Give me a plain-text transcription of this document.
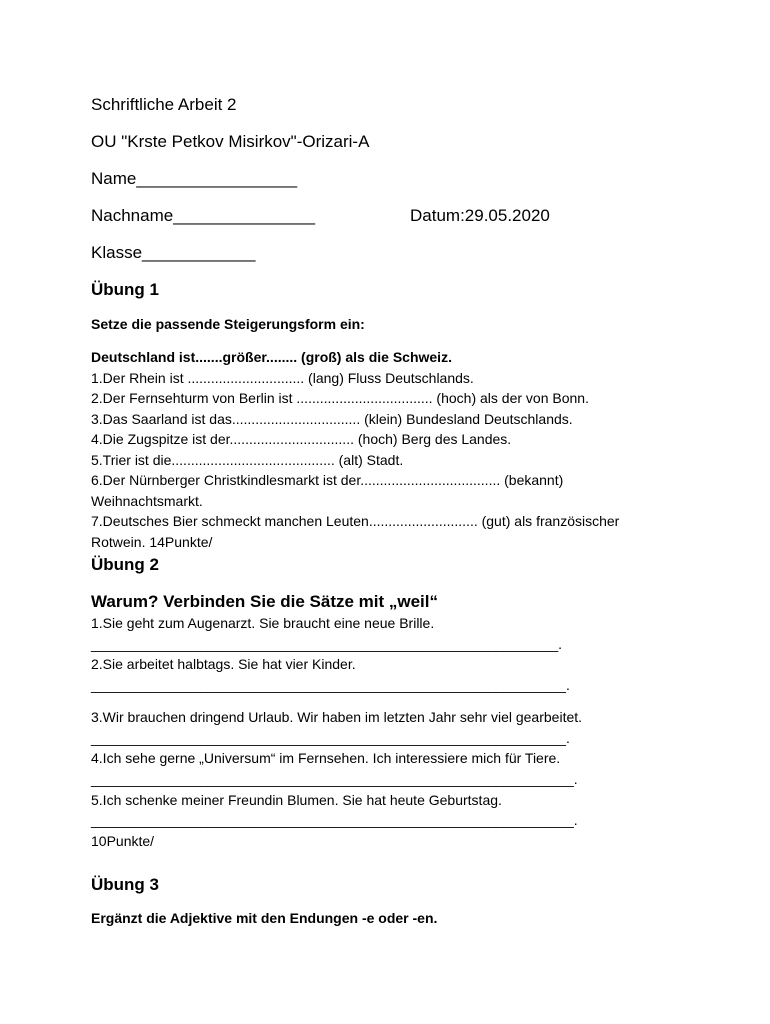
Schriftliche Arbeit 2
OU "Krste Petkov Misirkov"-Orizari-A
Name_________________
Nachname_______________	Datum:29.05.2020
Klasse____________
Übung 1
Setze die passende Steigerungsform ein:
Deutschland ist.......größer........ (groß) als die Schweiz.
1.Der Rhein ist .............................. (lang) Fluss Deutschlands.
2.Der Fernsehturm von Berlin ist ................................... (hoch) als der von Bonn.
3.Das Saarland ist das................................. (klein) Bundesland Deutschlands.
4.Die Zugspitze ist der................................ (hoch) Berg des Landes.
5.Trier ist die.......................................... (alt) Stadt.
6.Der Nürnberger Christkindlesmarkt ist der.................................... (bekannt)
Weihnachtsmarkt.
7.Deutsches Bier schmeckt manchen Leuten............................ (gut) als französischer
Rotwein. 14Punkte/
Übung 2
Warum? Verbinden Sie die Sätze mit „weil“
1.Sie geht zum Augenarzt. Sie braucht eine neue Brille.
____________________________________________________________.
2.Sie arbeitet halbtags. Sie hat vier Kinder.
_____________________________________________________________.
3.Wir brauchen dringend Urlaub. Wir haben im letzten Jahr sehr viel gearbeitet.
_____________________________________________________________.
4.Ich sehe gerne „Universum“ im Fernsehen. Ich interessiere mich für Tiere.
______________________________________________________________.
5.Ich schenke meiner Freundin Blumen. Sie hat heute Geburtstag.
______________________________________________________________.
10Punkte/
Übung 3
Ergänzt die Adjektive mit den Endungen -e oder -en.
